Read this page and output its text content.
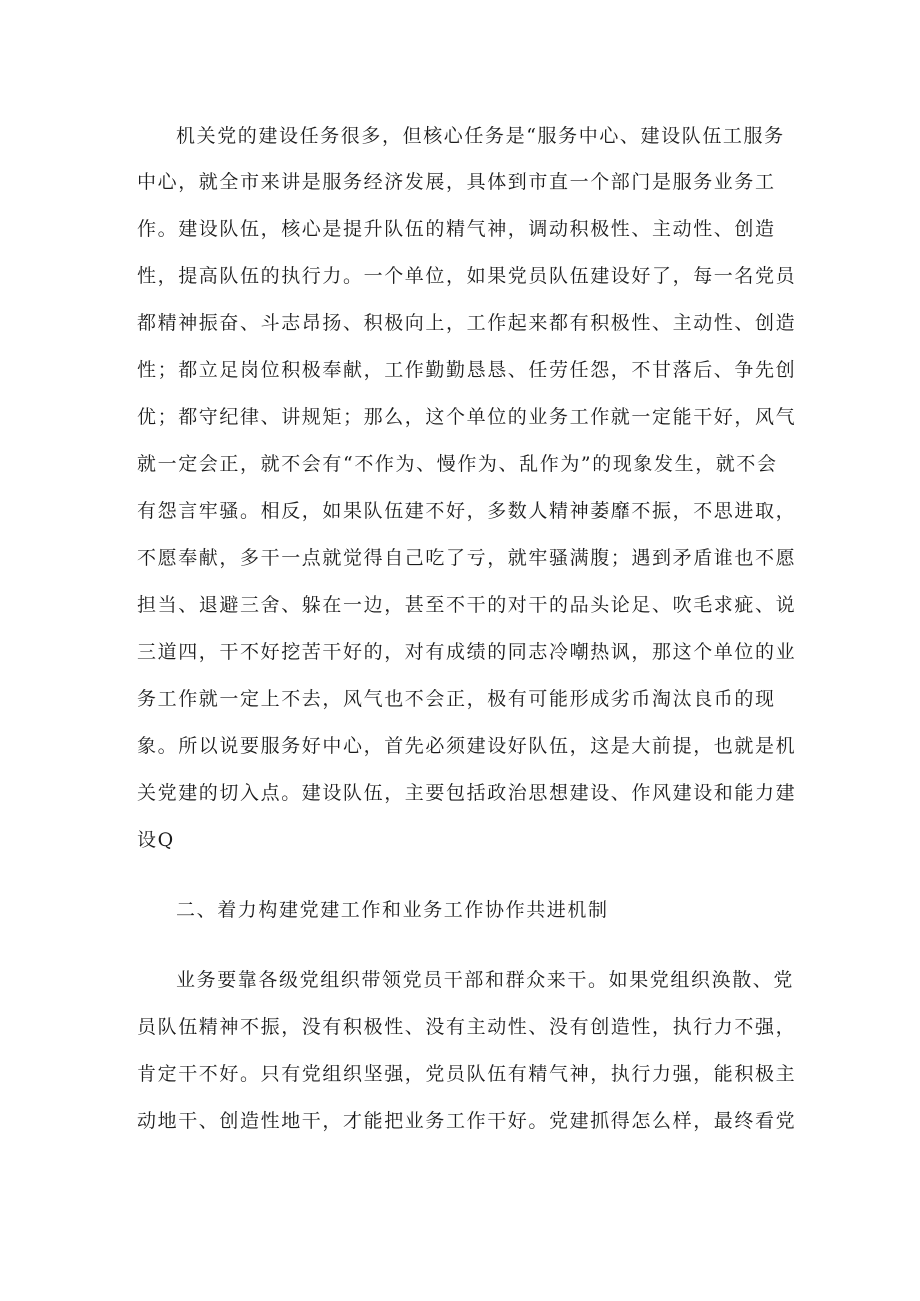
机关党的建设任务很多，但核心任务是“服务中心、建设队伍工服务
中心，就全市来讲是服务经济发展，具体到市直一个部门是服务业务工
作。建设队伍，核心是提升队伍的精气神，调动积极性、主动性、创造
性，提高队伍的执行力。一个单位，如果党员队伍建设好了，每一名党员
都精神振奋、斗志昂扬、积极向上，工作起来都有积极性、主动性、创造
性；都立足岗位积极奉献，工作勤勤恳恳、任劳任怨，不甘落后、争先创
优；都守纪律、讲规矩；那么，这个单位的业务工作就一定能干好，风气
就一定会正，就不会有“不作为、慢作为、乱作为”的现象发生，就不会
有怨言牢骚。相反，如果队伍建不好，多数人精神萎靡不振，不思进取，
不愿奉献，多干一点就觉得自己吃了亏，就牢骚满腹；遇到矛盾谁也不愿
担当、退避三舍、躲在一边，甚至不干的对干的品头论足、吹毛求疵、说
三道四，干不好挖苦干好的，对有成绩的同志冷嘲热讽，那这个单位的业
务工作就一定上不去，风气也不会正，极有可能形成劣币淘汰良币的现
象。所以说要服务好中心，首先必须建设好队伍，这是大前提，也就是机
关党建的切入点。建设队伍，主要包括政治思想建设、作风建设和能力建
设Q
二、着力构建党建工作和业务工作协作共进机制
业务要靠各级党组织带领党员干部和群众来干。如果党组织涣散、党
员队伍精神不振，没有积极性、没有主动性、没有创造性，执行力不强，
肯定干不好。只有党组织坚强，党员队伍有精气神，执行力强，能积极主
动地干、创造性地干，才能把业务工作干好。党建抓得怎么样，最终看党
